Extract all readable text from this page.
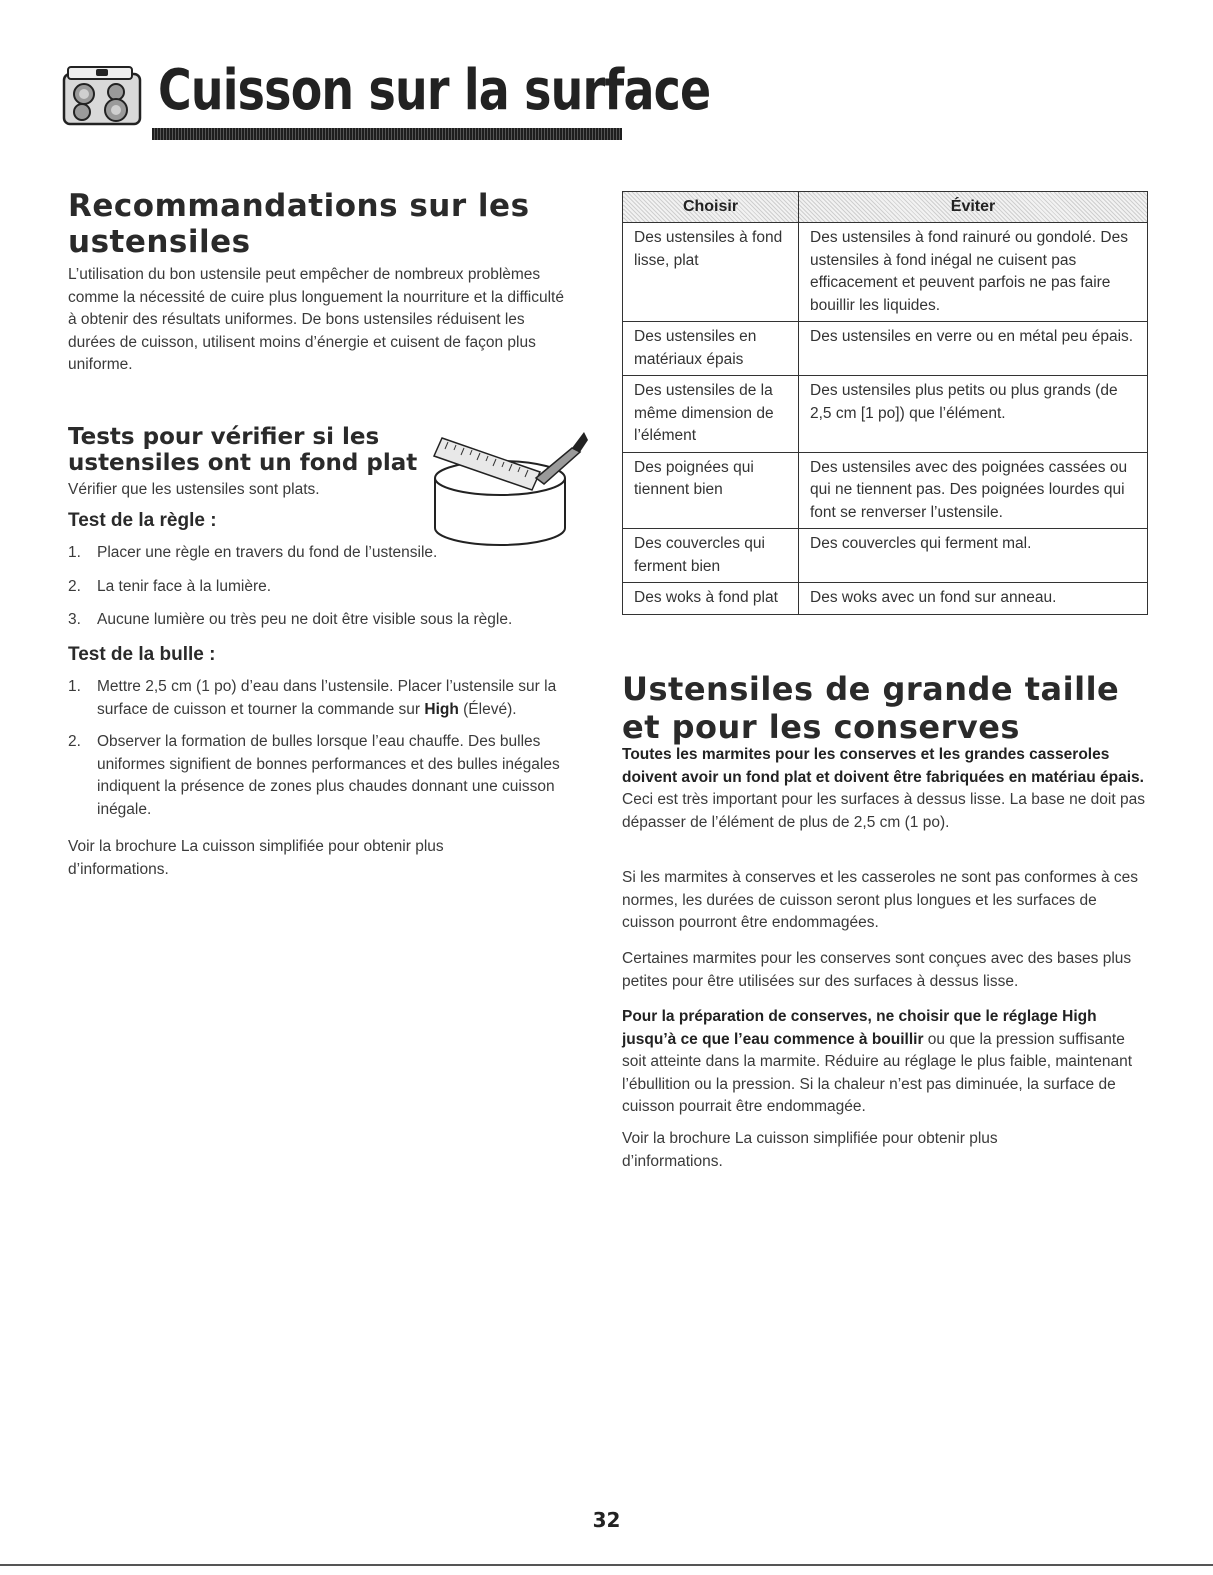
Cuisson sur la surface
Recommandations sur les ustensiles

L’utilisation du bon ustensile peut empêcher de nombreux problèmes comme la nécessité de cuire plus longuement la nourriture et la difficulté à obtenir des résultats uniformes. De bons ustensiles réduisent les durées de cuisson, utilisent moins d’énergie et cuisent de façon plus uniforme.

Tests pour vérifier si les ustensiles ont un fond plat

Vérifier que les ustensiles sont plats.

Test de la règle :
1. Placer une règle en travers du fond de l’ustensile.
2. La tenir face à la lumière.
3. Aucune lumière ou très peu ne doit être visible sous la règle.
Test de la bulle :
1. Mettre 2,5 cm (1 po) d’eau dans l’ustensile. Placer l’ustensile sur la surface de cuisson et tourner la commande sur High (Élevé).
2. Observer la formation de bulles lorsque l’eau chauffe. Des bulles uniformes signifient de bonnes performances et des bulles inégales indiquent la présence de zones plus chaudes donnant une cuisson inégale.

Voir la brochure La cuisson simplifiée pour obtenir plus d’informations.

Choisir	Éviter
Des ustensiles à fond lisse, plat	Des ustensiles à fond rainuré ou gondolé. Des ustensiles à fond inégal ne cuisent pas efficacement et peuvent parfois ne pas faire bouillir les liquides.
Des ustensiles en matériaux épais	Des ustensiles en verre ou en métal peu épais.
Des ustensiles de la même dimension de l’élément	Des ustensiles plus petits ou plus grands (de 2,5 cm [1 po]) que l’élément.
Des poignées qui tiennent bien	Des ustensiles avec des poignées cassées ou qui ne tiennent pas. Des poignées lourdes qui font se renverser l’ustensile.
Des couvercles qui ferment bien	Des couvercles qui ferment mal.
Des woks à fond plat	Des woks avec un fond sur anneau.
Ustensiles de grande taille et pour les conserves

Toutes les marmites pour les conserves et les grandes casseroles doivent avoir un fond plat et doivent être fabriquées en matériau épais. Ceci est très important pour les surfaces à dessus lisse. La base ne doit pas dépasser de l’élément de plus de 2,5 cm (1 po).

Si les marmites à conserves et les casseroles ne sont pas conformes à ces normes, les durées de cuisson seront plus longues et les surfaces de cuisson pourront être endommagées.

Certaines marmites pour les conserves sont conçues avec des bases plus petites pour être utilisées sur des surfaces à dessus lisse.

Pour la préparation de conserves, ne choisir que le réglage High jusqu’à ce que l’eau commence à bouillir ou que la pression suffisante soit atteinte dans la marmite. Réduire au réglage le plus faible, maintenant l’ébullition ou la pression. Si la chaleur n’est pas diminuée, la surface de cuisson pourrait être endommagée.

Voir la brochure La cuisson simplifiée pour obtenir plus d’informations.

32
